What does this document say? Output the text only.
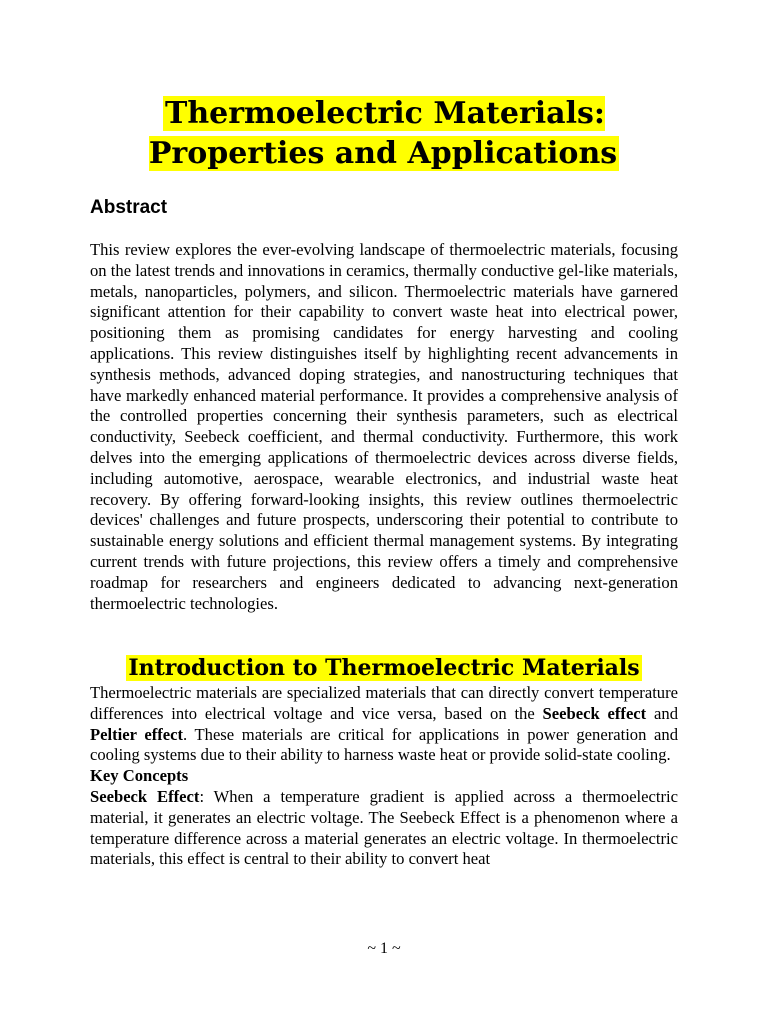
Thermoelectric Materials: Properties and Applications
Abstract

This review explores the ever-evolving landscape of thermoelectric materials, focusing on the latest trends and innovations in ceramics, thermally conductive gel-like materials, metals, nanoparticles, polymers, and silicon. Thermoelectric materials have garnered significant attention for their capability to convert waste heat into electrical power, positioning them as promising candidates for energy harvesting and cooling applications. This review distinguishes itself by highlighting recent advancements in synthesis methods, advanced doping strategies, and nanostructuring techniques that have markedly enhanced material performance. It provides a comprehensive analysis of the controlled properties concerning their synthesis parameters, such as electrical conductivity, Seebeck coefficient, and thermal conductivity. Furthermore, this work delves into the emerging applications of thermoelectric devices across diverse fields, including automotive, aerospace, wearable electronics, and industrial waste heat recovery. By offering forward-looking insights, this review outlines thermoelectric devices' challenges and future prospects, underscoring their potential to contribute to sustainable energy solutions and efficient thermal management systems. By integrating current trends with future projections, this review offers a timely and comprehensive roadmap for researchers and engineers dedicated to advancing next-generation thermoelectric technologies.

Introduction to Thermoelectric Materials

Thermoelectric materials are specialized materials that can directly convert temperature differences into electrical voltage and vice versa, based on the Seebeck effect and Peltier effect. These materials are critical for applications in power generation and cooling systems due to their ability to harness waste heat or provide solid-state cooling.

Key Concepts

Seebeck Effect: When a temperature gradient is applied across a thermoelectric material, it generates an electric voltage. The Seebeck Effect is a phenomenon where a temperature difference across a material generates an electric voltage. In thermoelectric materials, this effect is central to their ability to convert heat

~ 1 ~
